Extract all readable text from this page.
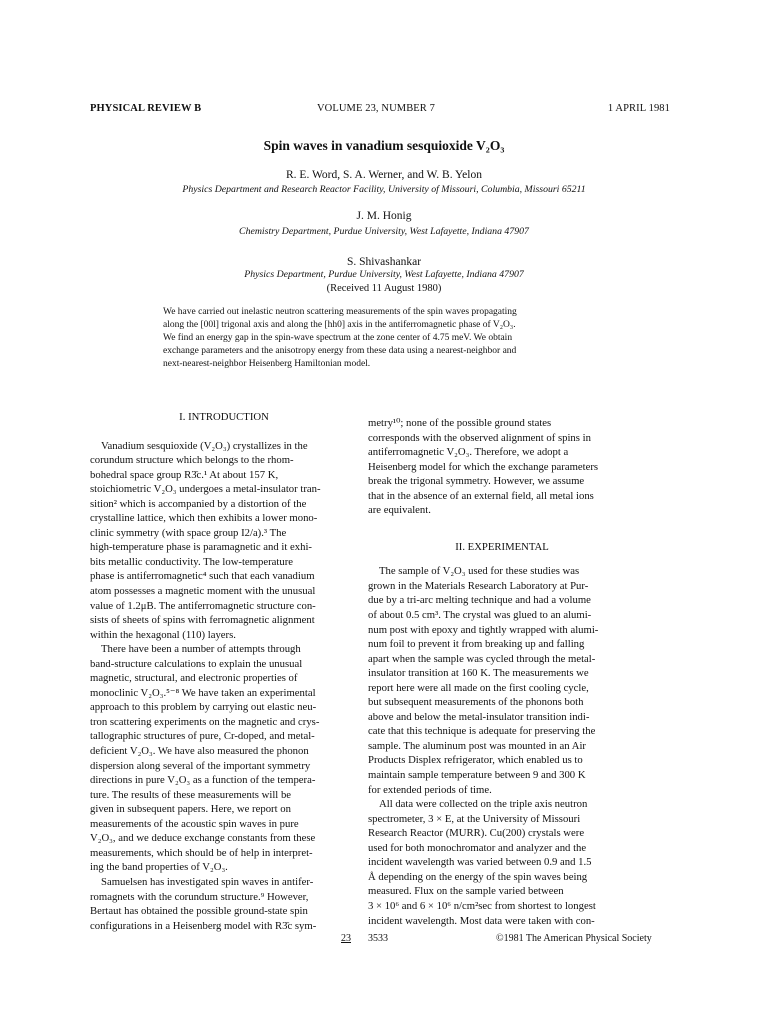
PHYSICAL REVIEW B	VOLUME 23, NUMBER 7	1 APRIL 1981
Spin waves in vanadium sesquioxide V₂O₃
R. E. Word, S. A. Werner, and W. B. Yelon
Physics Department and Research Reactor Facility, University of Missouri, Columbia, Missouri 65211
J. M. Honig
Chemistry Department, Purdue University, West Lafayette, Indiana 47907
S. Shivashankar
Physics Department, Purdue University, West Lafayette, Indiana 47907
(Received 11 August 1980)
We have carried out inelastic neutron scattering measurements of the spin waves propagating
along the [00l] trigonal axis and along the [hh0] axis in the antiferromagnetic phase of V₂O₃.
We find an energy gap in the spin-wave spectrum at the zone center of 4.75 meV. We obtain
exchange parameters and the anisotropy energy from these data using a nearest-neighbor and
next-nearest-neighbor Heisenberg Hamiltonian model.
I. INTRODUCTION
Vanadium sesquioxide (V₂O₃) crystallizes in the
corundum structure which belongs to the rhom-
bohedral space group R3̄c.¹ At about 157 K,
stoichiometric V₂O₃ undergoes a metal-insulator tran-
sition² which is accompanied by a distortion of the
crystalline lattice, which then exhibits a lower mono-
clinic symmetry (with space group I2/a).³ The
high-temperature phase is paramagnetic and it exhi-
bits metallic conductivity. The low-temperature
phase is antiferromagnetic⁴ such that each vanadium
atom possesses a magnetic moment with the unusual
value of 1.2μB. The antiferromagnetic structure con-
sists of sheets of spins with ferromagnetic alignment
within the hexagonal (110) layers.
There have been a number of attempts through
band-structure calculations to explain the unusual
magnetic, structural, and electronic properties of
monoclinic V₂O₃.⁵⁻⁸ We have taken an experimental
approach to this problem by carrying out elastic neu-
tron scattering experiments on the magnetic and crys-
tallographic structures of pure, Cr-doped, and metal-
deficient V₂O₃. We have also measured the phonon
dispersion along several of the important symmetry
directions in pure V₂O₃ as a function of the tempera-
ture. The results of these measurements will be
given in subsequent papers. Here, we report on
measurements of the acoustic spin waves in pure
V₂O₃, and we deduce exchange constants from these
measurements, which should be of help in interpret-
ing the band properties of V₂O₃.
Samuelsen has investigated spin waves in antifer-
romagnets with the corundum structure.⁹ However,
Bertaut has obtained the possible ground-state spin
configurations in a Heisenberg model with R3̄c sym-
metry¹⁰; none of the possible ground states
corresponds with the observed alignment of spins in
antiferromagnetic V₂O₃. Therefore, we adopt a
Heisenberg model for which the exchange parameters
break the trigonal symmetry. However, we assume
that in the absence of an external field, all metal ions
are equivalent.
II. EXPERIMENTAL
The sample of V₂O₃ used for these studies was
grown in the Materials Research Laboratory at Pur-
due by a tri-arc melting technique and had a volume
of about 0.5 cm³. The crystal was glued to an alumi-
num post with epoxy and tightly wrapped with alumi-
num foil to prevent it from breaking up and falling
apart when the sample was cycled through the metal-
insulator transition at 160 K. The measurements we
report here were all made on the first cooling cycle,
but subsequent measurements of the phonons both
above and below the metal-insulator transition indi-
cate that this technique is adequate for preserving the
sample. The aluminum post was mounted in an Air
Products Displex refrigerator, which enabled us to
maintain sample temperature between 9 and 300 K
for extended periods of time.
All data were collected on the triple axis neutron
spectrometer, 3 × E, at the University of Missouri
Research Reactor (MURR). Cu(200) crystals were
used for both monochromator and analyzer and the
incident wavelength was varied between 0.9 and 1.5
Å depending on the energy of the spin waves being
measured. Flux on the sample varied between
3 × 10⁶ and 6 × 10⁶ n/cm²sec from shortest to longest
incident wavelength. Most data were taken with con-
23 3533	©1981 The American Physical Society
